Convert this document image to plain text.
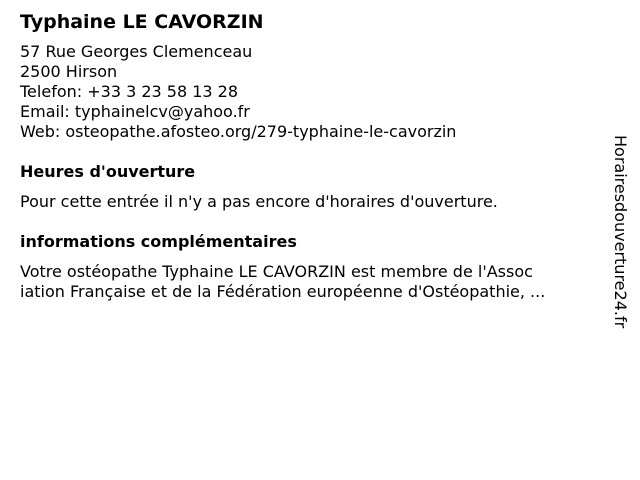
Typhaine LE CAVORZIN
57 Rue Georges Clemenceau
2500 Hirson
Telefon: +33 3 23 58 13 28
Email: typhainelcv@yahoo.fr
Web: osteopathe.afosteo.org/279-typhaine-le-cavorzin
Heures d'ouverture
Pour cette entrée il n'y a pas encore d'horaires d'ouverture.
informations complémentaires
Votre ostéopathe Typhaine LE CAVORZIN est membre de l'Assoc
iation Française et de la Fédération européenne d'Ostéopathie, ...	Horairesdouverture24.fr
